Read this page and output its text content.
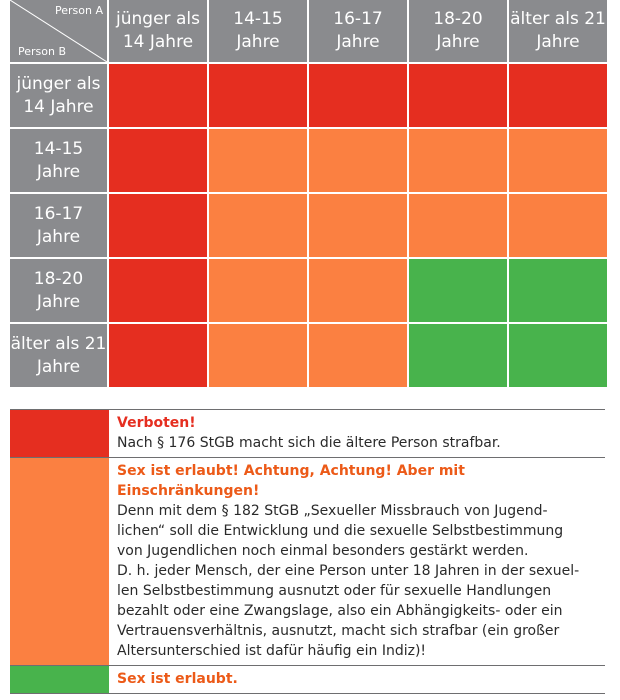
Person A
Person B
jünger als 14 Jahre
14-15 Jahre
16-17 Jahre
18-20 Jahre
älter als 21 Jahre
jünger als 14 Jahre
14-15 Jahre
16-17 Jahre
18-20 Jahre
älter als 21 Jahre
Verboten!
Nach § 176 StGB macht sich die ältere Person strafbar.
Sex ist erlaubt! Achtung, Achtung! Aber mit Einschränkungen!
Denn mit dem § 182 StGB „Sexueller Missbrauch von Jugend-
lichen“ soll die Entwicklung und die sexuelle Selbstbestimmung
von Jugendlichen noch einmal besonders gestärkt werden.
D. h. jeder Mensch, der eine Person unter 18 Jahren in der sexuel-
len Selbstbestimmung ausnutzt oder für sexuelle Handlungen
bezahlt oder eine Zwangslage, also ein Abhängigkeits- oder ein
Vertrauensverhältnis, ausnutzt, macht sich strafbar (ein großer
Altersunterschied ist dafür häufig ein Indiz)!
Sex ist erlaubt.
